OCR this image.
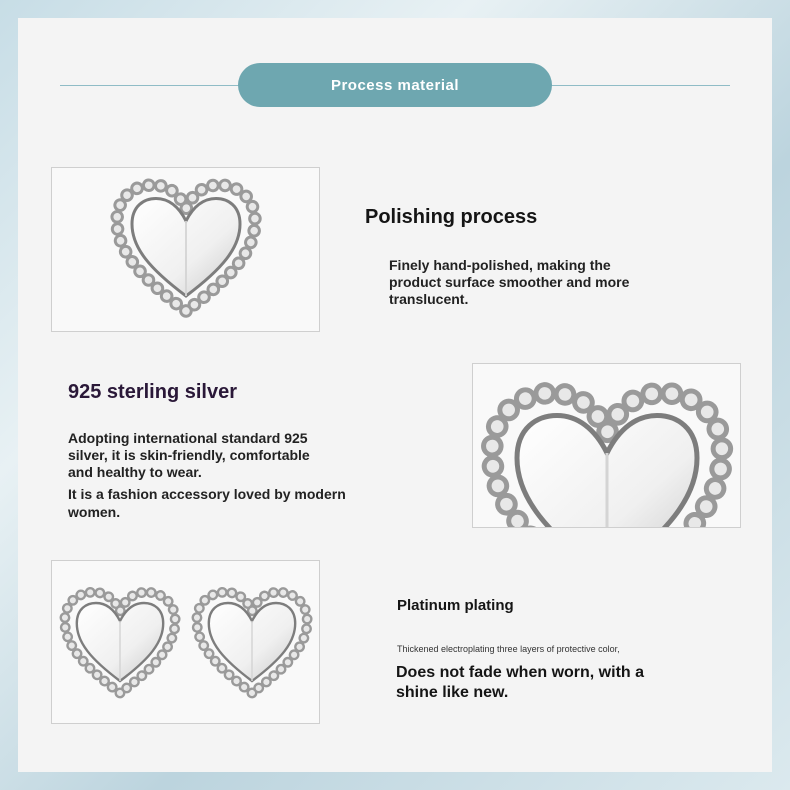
Process material
Polishing process
Finely hand-polished, making the product surface smoother and more translucent.
925 sterling silver
Adopting international standard 925 silver, it is skin-friendly, comfortable and healthy to wear.
It is a fashion accessory loved by modern women.
Platinum plating
Thickened electroplating three layers of protective color,
Does not fade when worn, with a shine like new.
